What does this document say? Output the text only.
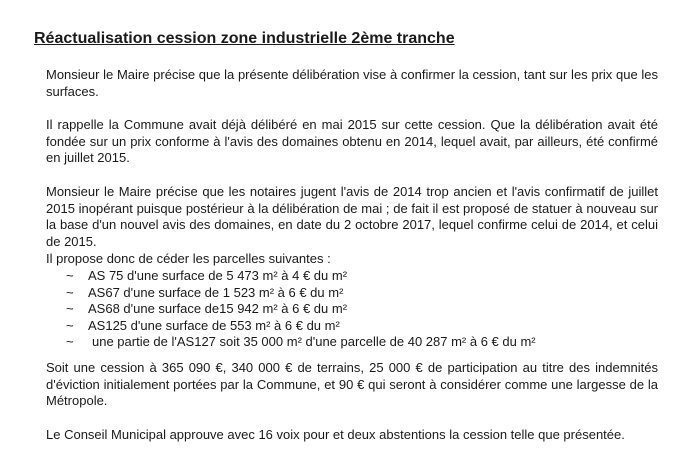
Réactualisation cession zone industrielle 2ème tranche

Monsieur le Maire précise que la présente délibération vise à confirmer la cession, tant sur les prix que les surfaces.

Il rappelle la Commune avait déjà délibéré en mai 2015 sur cette cession. Que la délibération avait été fondée sur un prix conforme à l'avis des domaines obtenu en 2014, lequel avait, par ailleurs, été confirmé en juillet 2015.

Monsieur le Maire précise que les notaires jugent l'avis de 2014 trop ancien et l'avis confirmatif de juillet 2015 inopérant puisque postérieur à la délibération de mai ; de fait il est proposé de statuer à nouveau sur la base d'un nouvel avis des domaines, en date du 2 octobre 2017, lequel confirme celui de 2014, et celui de 2015.

Il propose donc de céder les parcelles suivantes :

~ AS 75 d'une surface de 5 473 m² à 4 € du m²
~ AS67 d'une surface de 1 523 m² à 6 € du m²
~ AS68 d'une surface de15 942 m² à 6 € du m²
~ AS125 d'une surface de 553 m² à 6 € du m²
~ une partie de l'AS127 soit 35 000 m² d'une parcelle de 40 287 m² à 6 € du m²

Soit une cession à 365 090 €, 340 000 € de terrains, 25 000 € de participation au titre des indemnités d'éviction initialement portées par la Commune, et 90 € qui seront à considérer comme une largesse de la Métropole.

Le Conseil Municipal approuve avec 16 voix pour et deux abstentions la cession telle que présentée.
